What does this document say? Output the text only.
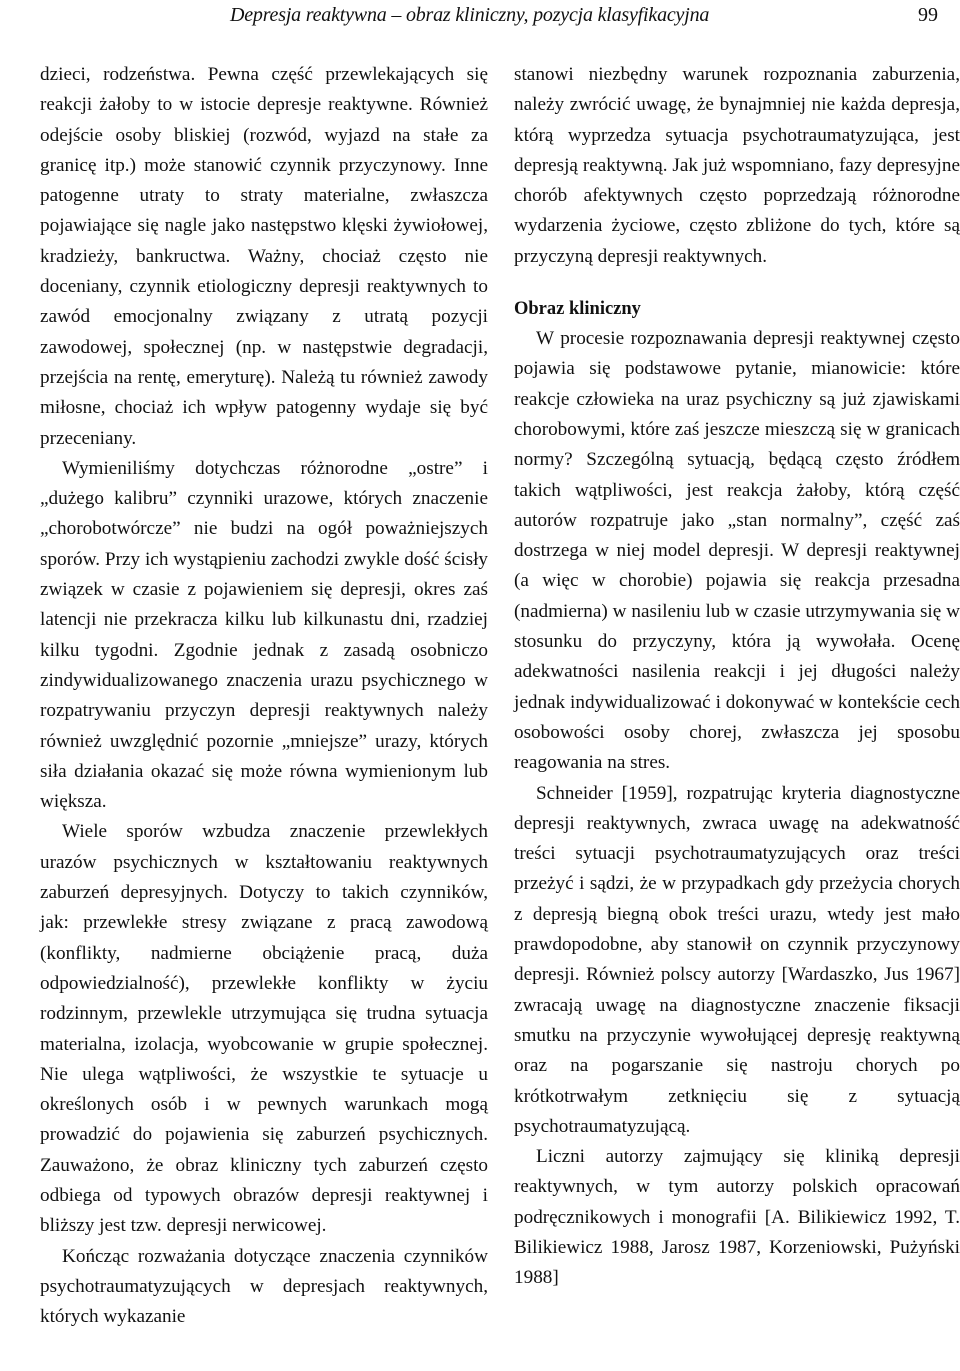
Depresja reaktywna – obraz kliniczny, pozycja klasyfikacyjna	99

dzieci, rodzeństwa. Pewna część przewlekających się reakcji żałoby to w istocie depresje reaktywne. Również odejście osoby bliskiej (rozwód, wyjazd na stałe za granicę itp.) może stanowić czynnik przyczynowy. Inne patogenne utraty to straty materialne, zwłaszcza pojawiające się nagle jako następstwo klęski żywiołowej, kradzieży, bankructwa. Ważny, chociaż często nie doceniany, czynnik etiologiczny depresji reaktywnych to zawód emocjonalny związany z utratą pozycji zawodowej, społecznej (np. w następstwie degradacji, przejścia na rentę, emeryturę). Należą tu również zawody miłosne, chociaż ich wpływ patogenny wydaje się być przeceniany.

Wymieniliśmy dotychczas różnorodne „ostre” i „dużego kalibru” czynniki urazowe, których znaczenie „chorobotwórcze” nie budzi na ogół poważniejszych sporów. Przy ich wystąpieniu zachodzi zwykle dość ścisły związek w czasie z pojawieniem się depresji, okres zaś latencji nie przekracza kilku lub kilkunastu dni, rzadziej kilku tygodni. Zgodnie jednak z zasadą osobniczo zindywidualizowanego znaczenia urazu psychicznego w rozpatrywaniu przyczyn depresji reaktywnych należy również uwzględnić pozornie „mniejsze” urazy, których siła działania okazać się może równa wymienionym lub większa.

Wiele sporów wzbudza znaczenie przewlekłych urazów psychicznych w kształtowaniu reaktywnych zaburzeń depresyjnych. Dotyczy to takich czynników, jak: przewlekłe stresy związane z pracą zawodową (konflikty, nadmierne obciążenie pracą, duża odpowiedzialność), przewlekłe konflikty w życiu rodzinnym, przewlekle utrzymująca się trudna sytuacja materialna, izolacja, wyobcowanie w grupie społecznej. Nie ulega wątpliwości, że wszystkie te sytuacje u określonych osób i w pewnych warunkach mogą prowadzić do pojawienia się zaburzeń psychicznych. Zauważono, że obraz kliniczny tych zaburzeń często odbiega od typowych obrazów depresji reaktywnej i bliższy jest tzw. depresji nerwicowej.

Kończąc rozważania dotyczące znaczenia czynników psychotraumatyzujących w depresjach reaktywnych, których wykazanie

stanowi niezbędny warunek rozpoznania zaburzenia, należy zwrócić uwagę, że bynajmniej nie każda depresja, którą wyprzedza sytuacja psychotraumatyzująca, jest depresją reaktywną. Jak już wspomniano, fazy depresyjne chorób afektywnych często poprzedzają różnorodne wydarzenia życiowe, często zbliżone do tych, które są przyczyną depresji reaktywnych.

Obraz kliniczny

W procesie rozpoznawania depresji reaktywnej często pojawia się podstawowe pytanie, mianowicie: które reakcje człowieka na uraz psychiczny są już zjawiskami chorobowymi, które zaś jeszcze mieszczą się w granicach normy? Szczególną sytuacją, będącą często źródłem takich wątpliwości, jest reakcja żałoby, którą część autorów rozpatruje jako „stan normalny”, część zaś dostrzega w niej model depresji. W depresji reaktywnej (a więc w chorobie) pojawia się reakcja przesadna (nadmierna) w nasileniu lub w czasie utrzymywania się w stosunku do przyczyny, która ją wywołała. Ocenę adekwatności nasilenia reakcji i jej długości należy jednak indywidualizować i dokonywać w kontekście cech osobowości osoby chorej, zwłaszcza jej sposobu reagowania na stres.

Schneider [1959], rozpatrując kryteria diagnostyczne depresji reaktywnych, zwraca uwagę na adekwatność treści sytuacji psychotraumatyzujących oraz treści przeżyć i sądzi, że w przypadkach gdy przeżycia chorych z depresją biegną obok treści urazu, wtedy jest mało prawdopodobne, aby stanowił on czynnik przyczynowy depresji. Również polscy autorzy [Wardaszko, Jus 1967] zwracają uwagę na diagnostyczne znaczenie fiksacji smutku na przyczynie wywołującej depresję reaktywną oraz na pogarszanie się nastroju chorych po krótkotrwałym zetknięciu się z sytuacją psychotraumatyzującą.

Liczni autorzy zajmujący się kliniką depresji reaktywnych, w tym autorzy polskich opracowań podręcznikowych i monografii [A. Bilikiewicz 1992, T. Bilikiewicz 1988, Jarosz 1987, Korzeniowski, Pużyński 1988]
